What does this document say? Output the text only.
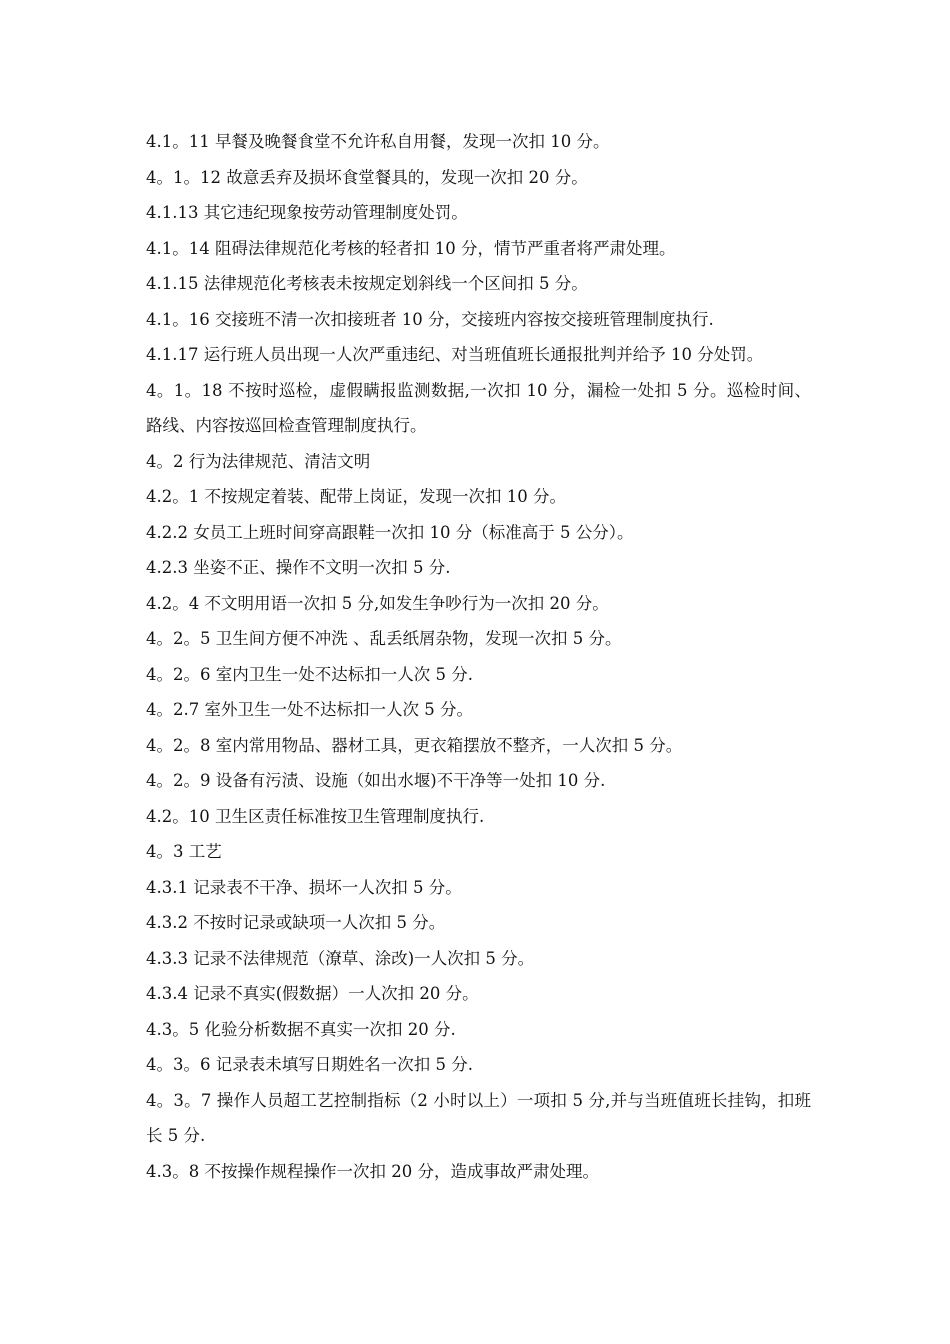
4.1。11 早餐及晚餐食堂不允许私自用餐，发现一次扣 10 分。

4。1。12 故意丢弃及损坏食堂餐具的，发现一次扣 20 分。

4.1.13 其它违纪现象按劳动管理制度处罚。

4.1。14 阻碍法律规范化考核的轻者扣 10 分，情节严重者将严肃处理。

4.1.15 法律规范化考核表未按规定划斜线一个区间扣 5 分。

4.1。16 交接班不清一次扣接班者 10 分，交接班内容按交接班管理制度执行.

4.1.17 运行班人员出现一人次严重违纪、对当班值班长通报批判并给予 10 分处罚。

4。1。18 不按时巡检，虚假瞒报监测数据,一次扣 10 分，漏检一处扣 5 分。巡检时间、路线、内容按巡回检查管理制度执行。

4。2 行为法律规范、清洁文明

4.2。1 不按规定着装、配带上岗证，发现一次扣 10 分。

4.2.2 女员工上班时间穿高跟鞋一次扣 10 分（标准高于 5 公分）。

4.2.3 坐姿不正、操作不文明一次扣 5 分.

4.2。4 不文明用语一次扣 5 分,如发生争吵行为一次扣 20 分。

4。2。5 卫生间方便不冲洗 、乱丢纸屑杂物，发现一次扣 5 分。

4。2。6 室内卫生一处不达标扣一人次 5 分.

4。2.7 室外卫生一处不达标扣一人次 5 分。

4。2。8 室内常用物品、器材工具，更衣箱摆放不整齐，一人次扣 5 分。

4。2。9 设备有污渍、设施（如出水堰)不干净等一处扣 10 分.

4.2。10 卫生区责任标准按卫生管理制度执行.

4。3 工艺

4.3.1 记录表不干净、损坏一人次扣 5 分。

4.3.2 不按时记录或缺项一人次扣 5 分。

4.3.3 记录不法律规范（潦草、涂改)一人次扣 5 分。

4.3.4 记录不真实(假数据）一人次扣 20 分。

4.3。5 化验分析数据不真实一次扣 20 分.

4。3。6 记录表未填写日期姓名一次扣 5 分.

4。3。7 操作人员超工艺控制指标（2 小时以上）一项扣 5 分,并与当班值班长挂钩，扣班长 5 分.

4.3。8 不按操作规程操作一次扣 20 分，造成事故严肃处理。
